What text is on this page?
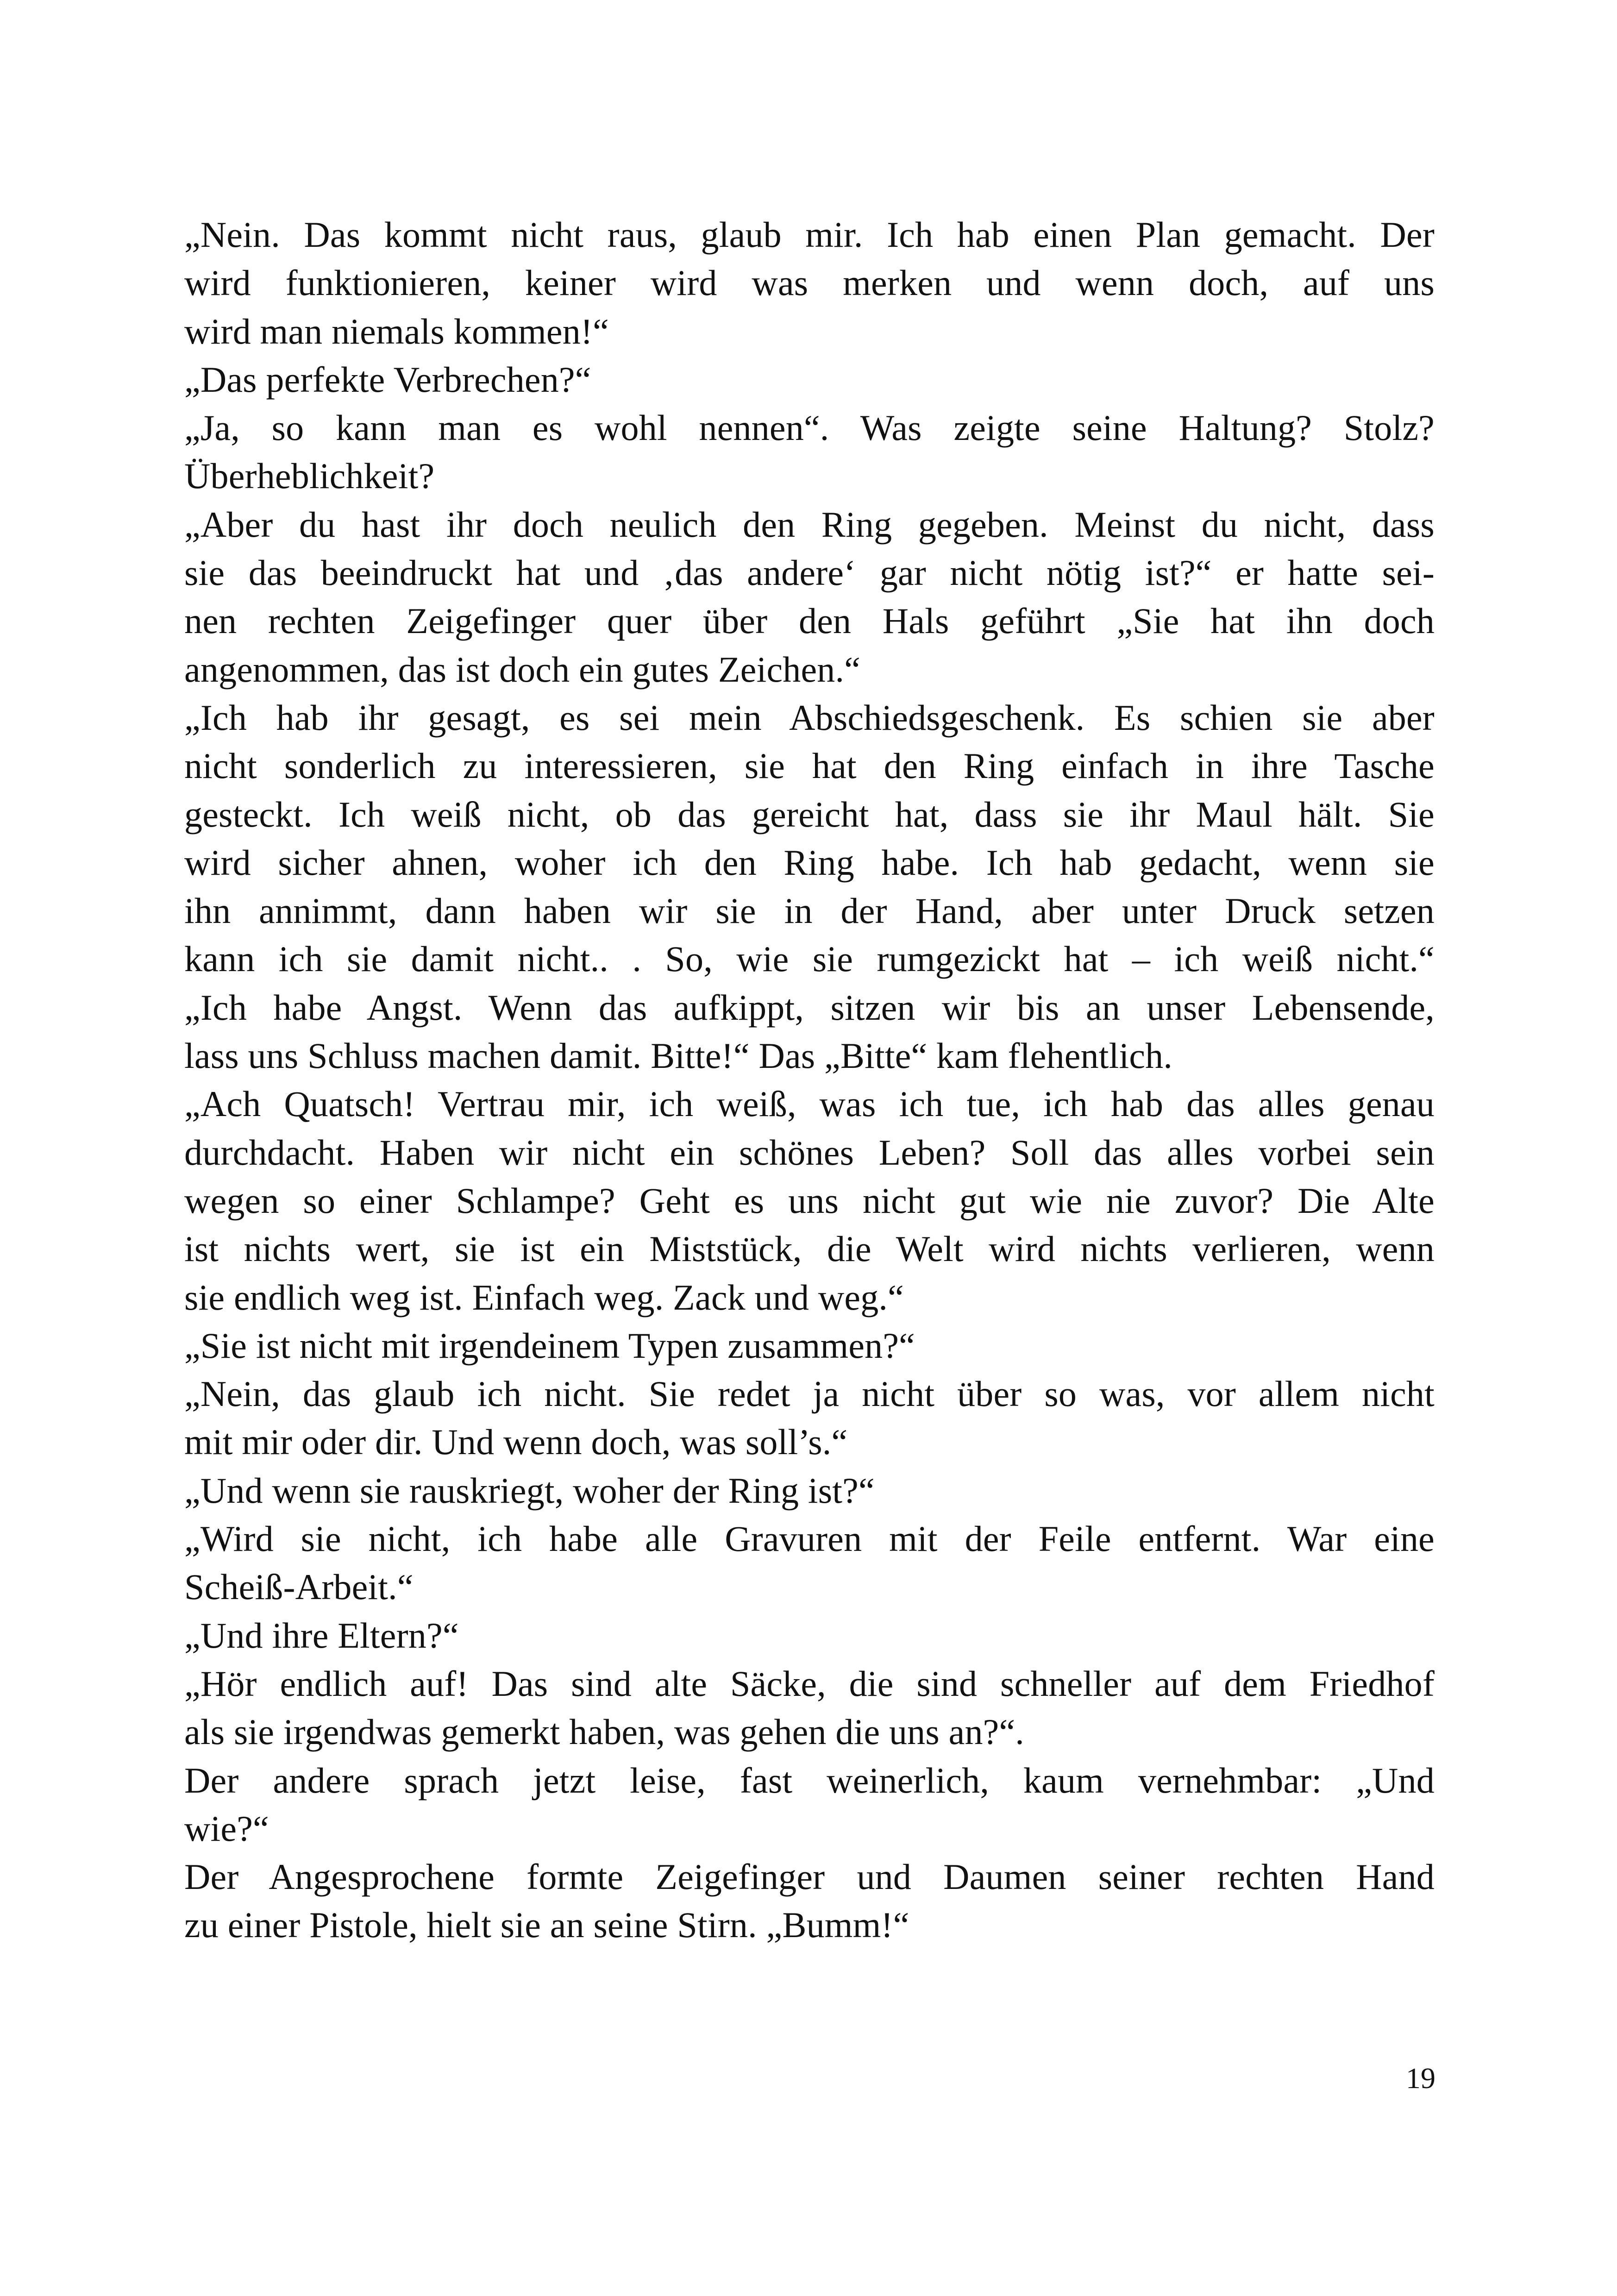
„Nein. Das kommt nicht raus, glaub mir. Ich hab einen Plan gemacht. Der
wird funktionieren, keiner wird was merken und wenn doch, auf uns
wird man niemals kommen!“
„Das perfekte Verbrechen?“
„Ja, so kann man es wohl nennen“. Was zeigte seine Haltung? Stolz?
Überheblichkeit?
„Aber du hast ihr doch neulich den Ring gegeben. Meinst du nicht, dass
sie das beeindruckt hat und ‚das andere‘ gar nicht nötig ist?“ er hatte sei-
nen rechten Zeigefinger quer über den Hals geführt „Sie hat ihn doch
angenommen, das ist doch ein gutes Zeichen.“
„Ich hab ihr gesagt, es sei mein Abschiedsgeschenk. Es schien sie aber
nicht sonderlich zu interessieren, sie hat den Ring einfach in ihre Tasche
gesteckt. Ich weiß nicht, ob das gereicht hat, dass sie ihr Maul hält. Sie
wird sicher ahnen, woher ich den Ring habe. Ich hab gedacht, wenn sie
ihn annimmt, dann haben wir sie in der Hand, aber unter Druck setzen
kann ich sie damit nicht.. . So, wie sie rumgezickt hat – ich weiß nicht.“
„Ich habe Angst. Wenn das aufkippt, sitzen wir bis an unser Lebensende,
lass uns Schluss machen damit. Bitte!“ Das „Bitte“ kam flehentlich.
„Ach Quatsch! Vertrau mir, ich weiß, was ich tue, ich hab das alles genau
durchdacht. Haben wir nicht ein schönes Leben? Soll das alles vorbei sein
wegen so einer Schlampe? Geht es uns nicht gut wie nie zuvor? Die Alte
ist nichts wert, sie ist ein Miststück, die Welt wird nichts verlieren, wenn
sie endlich weg ist. Einfach weg. Zack und weg.“
„Sie ist nicht mit irgendeinem Typen zusammen?“
„Nein, das glaub ich nicht. Sie redet ja nicht über so was, vor allem nicht
mit mir oder dir. Und wenn doch, was soll’s.“
„Und wenn sie rauskriegt, woher der Ring ist?“
„Wird sie nicht, ich habe alle Gravuren mit der Feile entfernt. War eine
Scheiß-Arbeit.“
„Und ihre Eltern?“
„Hör endlich auf! Das sind alte Säcke, die sind schneller auf dem Friedhof
als sie irgendwas gemerkt haben, was gehen die uns an?“.
Der andere sprach jetzt leise, fast weinerlich, kaum vernehmbar: „Und
wie?“
Der Angesprochene formte Zeigefinger und Daumen seiner rechten Hand
zu einer Pistole, hielt sie an seine Stirn. „Bumm!“
19
